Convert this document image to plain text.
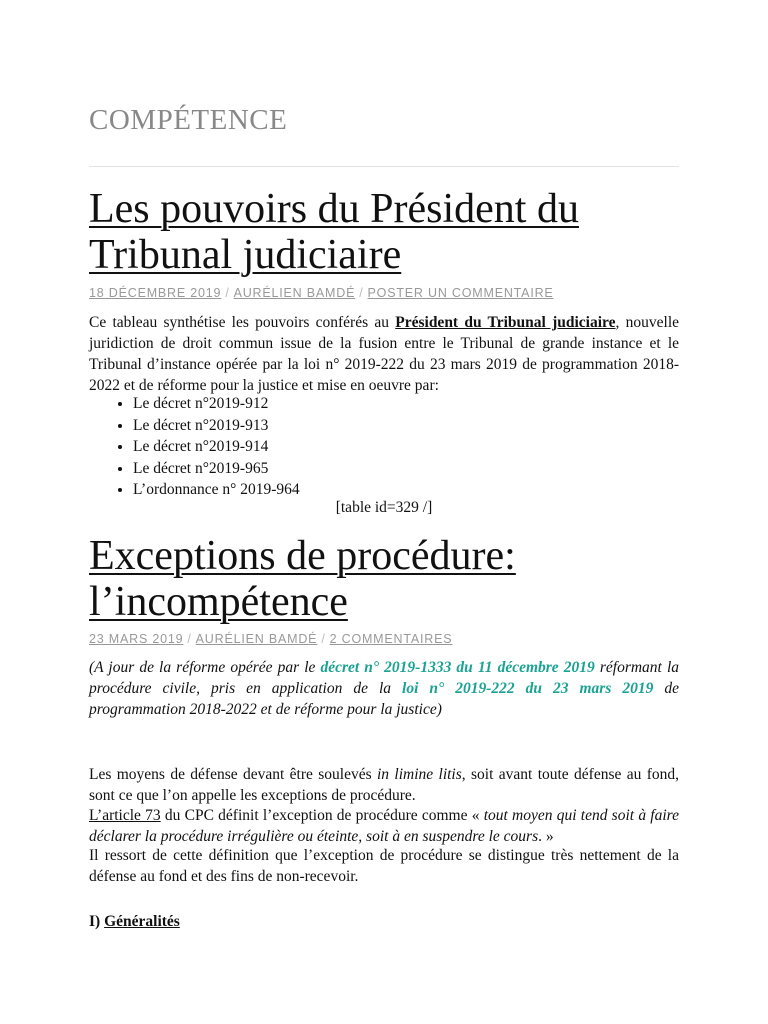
COMPÉTENCE
Les pouvoirs du Président du
Tribunal judiciaire
18 DÉCEMBRE 2019 / AURÉLIEN BAMDÉ / POSTER UN COMMENTAIRE

Ce tableau synthétise les pouvoirs conférés au Président du Tribunal judiciaire, nouvelle juridiction de droit commun issue de la fusion entre le Tribunal de grande instance et le Tribunal d’instance opérée par la loi n° 2019-222 du 23 mars 2019 de programmation 2018-2022 et de réforme pour la justice et mise en oeuvre par:

• Le décret n°2019-912
• Le décret n°2019-913
• Le décret n°2019-914
• Le décret n°2019-965
• L’ordonnance n° 2019-964
[table id=329 /]
Exceptions de procédure:
l’incompétence
23 MARS 2019 / AURÉLIEN BAMDÉ / 2 COMMENTAIRES

(A jour de la réforme opérée par le décret n° 2019-1333 du 11 décembre 2019 réformant la procédure civile, pris en application de la loi n° 2019-222 du 23 mars 2019 de programmation 2018-2022 et de réforme pour la justice)

Les moyens de défense devant être soulevés in limine litis, soit avant toute défense au fond, sont ce que l’on appelle les exceptions de procédure.

L’article 73 du CPC définit l’exception de procédure comme « tout moyen qui tend soit à faire déclarer la procédure irrégulière ou éteinte, soit à en suspendre le cours. »

Il ressort de cette définition que l’exception de procédure se distingue très nettement de la défense au fond et des fins de non-recevoir.

I) Généralités
